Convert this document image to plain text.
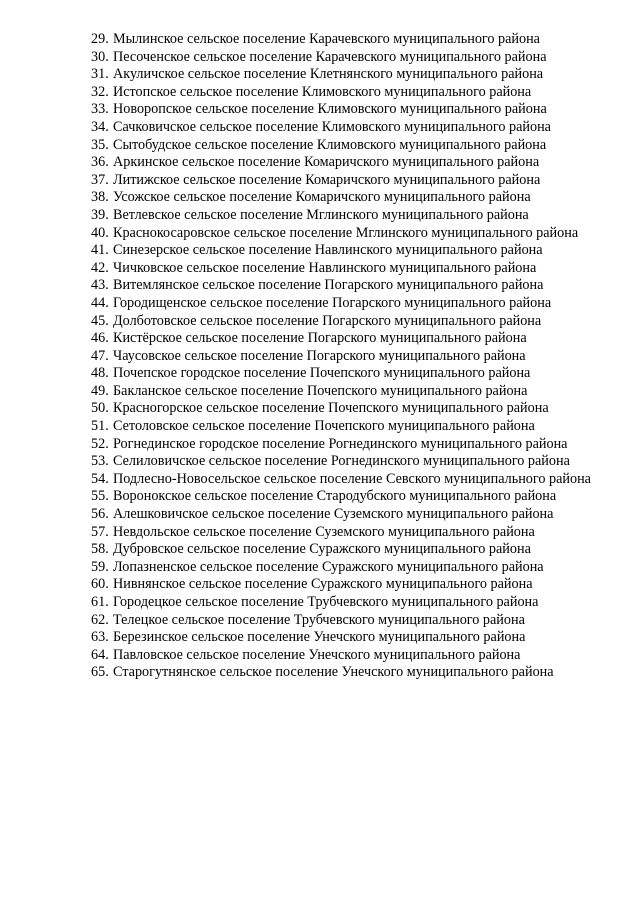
29. Мылинское сельское поселение Карачевского муниципального района
30. Песоченское сельское поселение Карачевского муниципального района
31. Акуличское сельское поселение Клетнянского муниципального района
32. Истопское сельское поселение Климовского муниципального района
33. Новоропское сельское поселение Климовского муниципального района
34. Сачковичское сельское поселение Климовского муниципального района
35. Сытобудское сельское поселение Климовского муниципального района
36. Аркинское сельское поселение Комаричского муниципального района
37. Литижское сельское поселение Комаричского муниципального района
38. Усожское сельское поселение Комаричского муниципального района
39. Ветлевское сельское поселение Мглинского муниципального района
40. Краснокосаровское сельское поселение Мглинского муниципального района
41. Синезерское сельское поселение Навлинского муниципального района
42. Чичковское сельское поселение Навлинского муниципального района
43. Витемлянское сельское поселение Погарского муниципального района
44. Городищенское сельское поселение Погарского муниципального района
45. Долботовское сельское поселение Погарского муниципального района
46. Кистёрское сельское поселение Погарского муниципального района
47. Чаусовское сельское поселение Погарского муниципального района
48. Почепское городское поселение Почепского муниципального района
49. Бакланское сельское поселение Почепского муниципального района
50. Красногорское сельское поселение Почепского муниципального района
51. Сетоловское сельское поселение Почепского муниципального района
52. Рогнединское городское поселение Рогнединского муниципального района
53. Селиловичское сельское поселение Рогнединского муниципального района
54. Подлесно-Новосельское сельское поселение Севского муниципального района
55. Воронокское сельское поселение Стародубского муниципального района
56. Алешковичское сельское поселение Суземского муниципального района
57. Невдольское сельское поселение Суземского муниципального района
58. Дубровское сельское поселение Суражского муниципального района
59. Лопазненское сельское поселение Суражского муниципального района
60. Нивнянское сельское поселение Суражского муниципального района
61. Городецкое сельское поселение Трубчевского муниципального района
62. Телецкое сельское поселение Трубчевского муниципального района
63. Березинское сельское поселение Унечского муниципального района
64. Павловское сельское поселение Унечского муниципального района
65. Старогутнянское сельское поселение Унечского муниципального района
